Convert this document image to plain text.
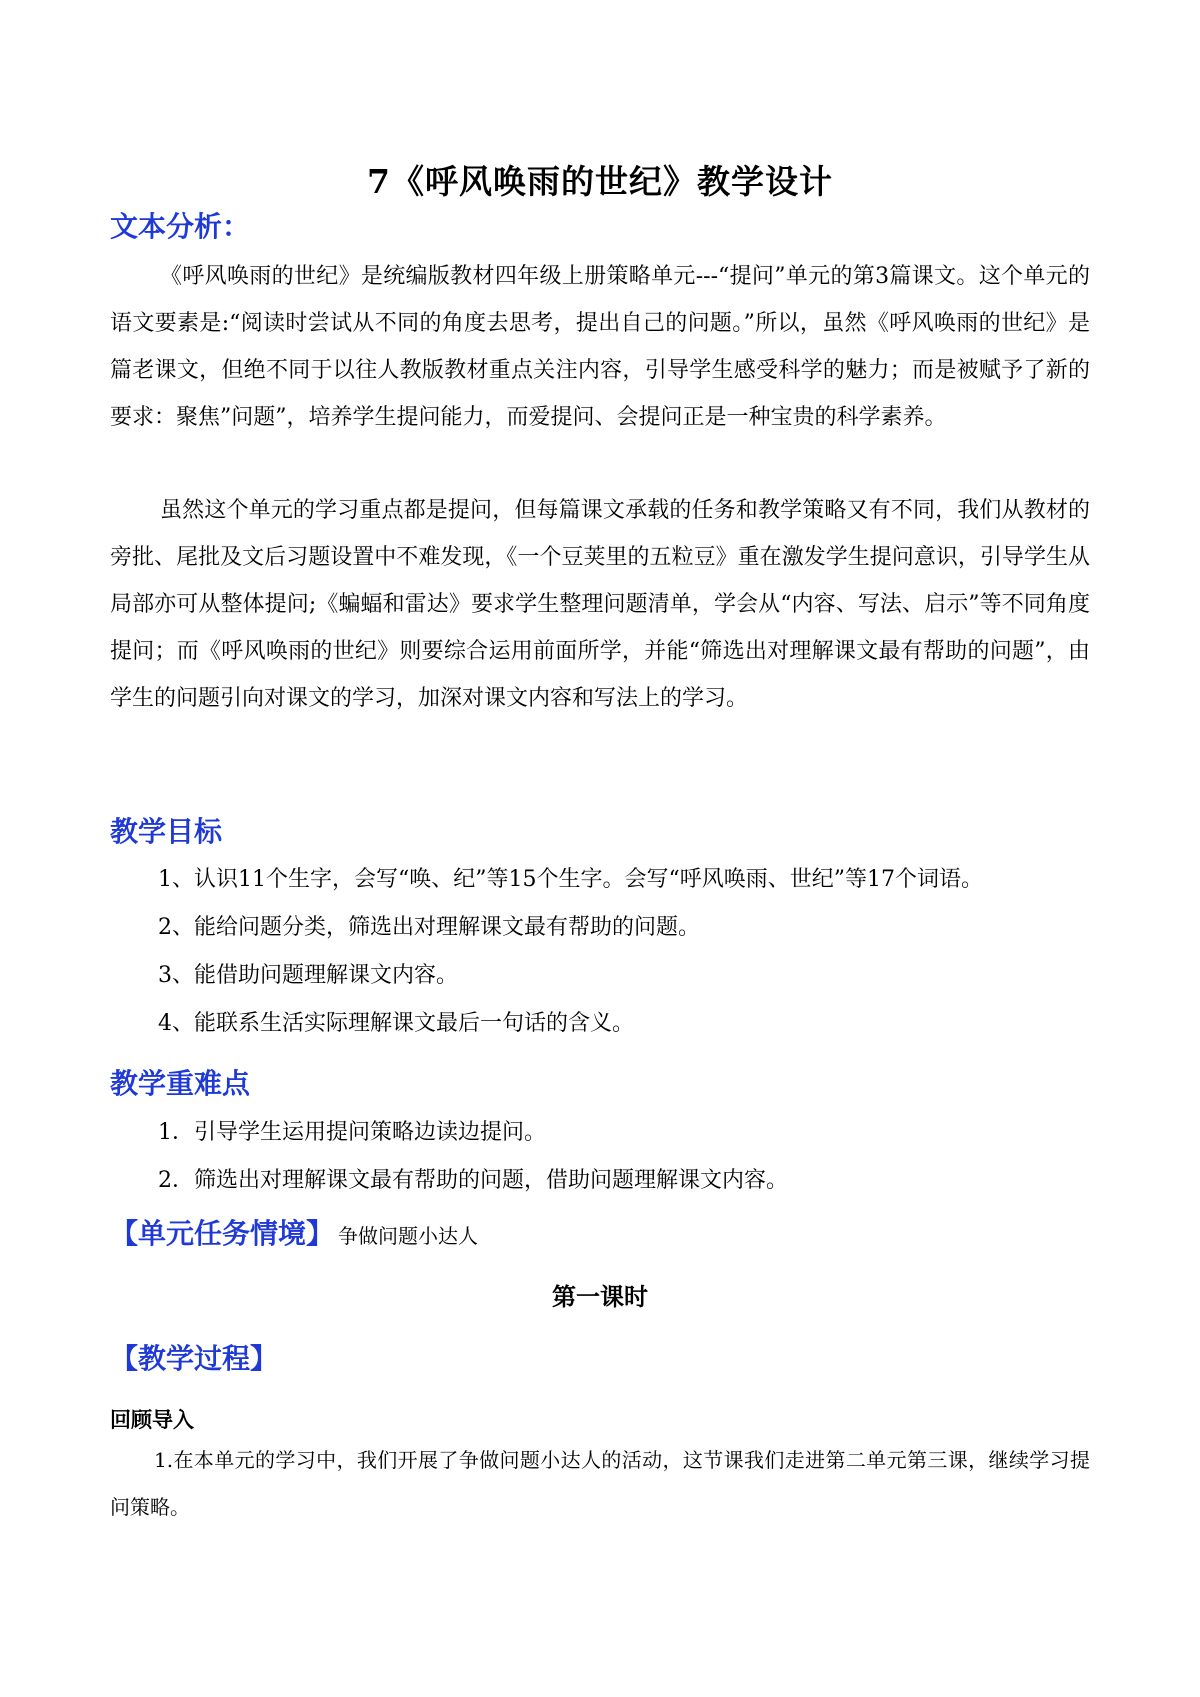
7《呼风唤雨的世纪》教学设计
文本分析：
《呼风唤雨的世纪》是统编版教材四年级上册策略单元---“提问”单元的第3篇课文。这个单元的语文要素是:“阅读时尝试从不同的角度去思考，提出自己的问题。”所以，虽然《呼风唤雨的世纪》是篇老课文，但绝不同于以往人教版教材重点关注内容，引导学生感受科学的魅力；而是被赋予了新的要求：聚焦”问题”，培养学生提问能力，而爱提问、会提问正是一种宝贵的科学素养。
虽然这个单元的学习重点都是提问，但每篇课文承载的任务和教学策略又有不同，我们从教材的旁批、尾批及文后习题设置中不难发现，《一个豆荚里的五粒豆》重在激发学生提问意识，引导学生从局部亦可从整体提问;《蝙蝠和雷达》要求学生整理问题清单，学会从“内容、写法、启示”等不同角度提问；而《呼风唤雨的世纪》则要综合运用前面所学，并能“筛选出对理解课文最有帮助的问题”，由学生的问题引向对课文的学习，加深对课文内容和写法上的学习。
教学目标
1、认识11个生字，会写“唤、纪”等15个生字。会写“呼风唤雨、世纪”等17个词语。
2、能给问题分类，筛选出对理解课文最有帮助的问题。
3、能借助问题理解课文内容。
4、能联系生活实际理解课文最后一句话的含义。
教学重难点
1．引导学生运用提问策略边读边提问。
2．筛选出对理解课文最有帮助的问题，借助问题理解课文内容。
【单元任务情境】 争做问题小达人
第一课时
【教学过程】
回顾导入
1.在本单元的学习中，我们开展了争做问题小达人的活动，这节课我们走进第二单元第三课，继续学习提问策略。
